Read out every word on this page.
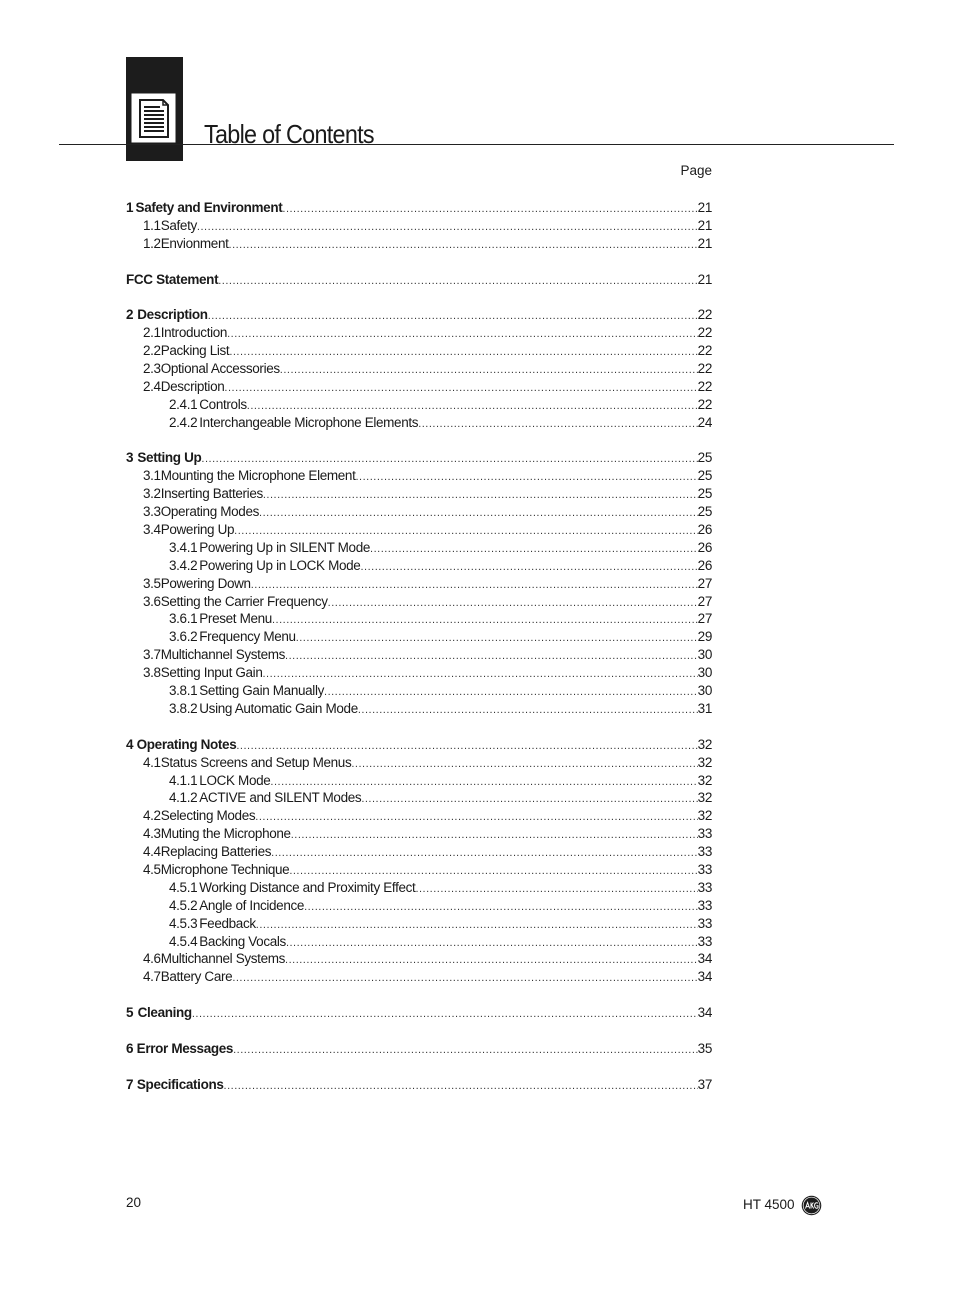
Table of Contents
Page
1 Safety and Environment .....	21
1.1 Safety .....	21
1.2 Envionment .....	21
FCC Statement .....	21
2 Description .....	22
2.1 Introduction .....	22
2.2 Packing List .....	22
2.3 Optional Accessories .....	22
2.4 Description .....	22
2.4.1 Controls .....	22
2.4.2 Interchangeable Microphone Elements .....	24
3 Setting Up .....	25
3.1 Mounting the Microphone Element .....	25
3.2 Inserting Batteries .....	25
3.3 Operating Modes .....	25
3.4 Powering Up .....	26
3.4.1 Powering Up in SILENT Mode .....	26
3.4.2 Powering Up in LOCK Mode .....	26
3.5 Powering Down .....	27
3.6 Setting the Carrier Frequency .....	27
3.6.1 Preset Menu .....	27
3.6.2 Frequency Menu .....	29
3.7 Multichannel Systems .....	30
3.8 Setting Input Gain .....	30
3.8.1 Setting Gain Manually .....	30
3.8.2 Using Automatic Gain Mode .....	31
4 Operating Notes .....	32
4.1 Status Screens and Setup Menus .....	32
4.1.1 LOCK Mode .....	32
4.1.2 ACTIVE and SILENT Modes .....	32
4.2 Selecting Modes .....	32
4.3 Muting the Microphone .....	33
4.4 Replacing Batteries .....	33
4.5 Microphone Technique .....	33
4.5.1 Working Distance and Proximity Effect .....	33
4.5.2 Angle of Incidence .....	33
4.5.3 Feedback .....	33
4.5.4 Backing Vocals .....	33
4.6 Multichannel Systems .....	34
4.7 Battery Care .....	34
5 Cleaning .....	34
6 Error Messages .....	35
7 Specifications .....	37
20	HT 4500
